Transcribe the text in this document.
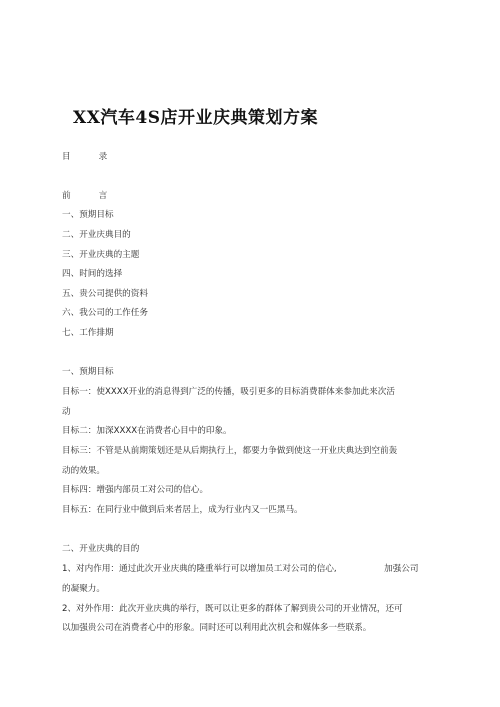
XX汽车4S店开业庆典策划方案
目	录
前	言
一、预期目标
二、开业庆典目的
三、开业庆典的主题
四、时间的选择
五、贵公司提供的资料
六、我公司的工作任务
七、工作排期
一、预期目标
目标一：使XXXX开业的消息得到广泛的传播，吸引更多的目标消费群体来参加此来次活
动
目标二：加深XXXX在消费者心目中的印象。
目标三：不管是从前期策划还是从后期执行上，都要力争做到使这一开业庆典达到空前轰
动的效果。
目标四：增强内部员工对公司的信心。
目标五：在同行业中做到后来者居上，成为行业内又一匹黑马。
二、开业庆典的目的
1、对内作用：通过此次开业庆典的隆重举行可以增加员工对公司的信心,	加强公司
的凝聚力。
2、对外作用：此次开业庆典的举行，既可以让更多的群体了解到贵公司的开业情况，还可
以加强贵公司在消费者心中的形象。同时还可以利用此次机会和媒体多一些联系。
